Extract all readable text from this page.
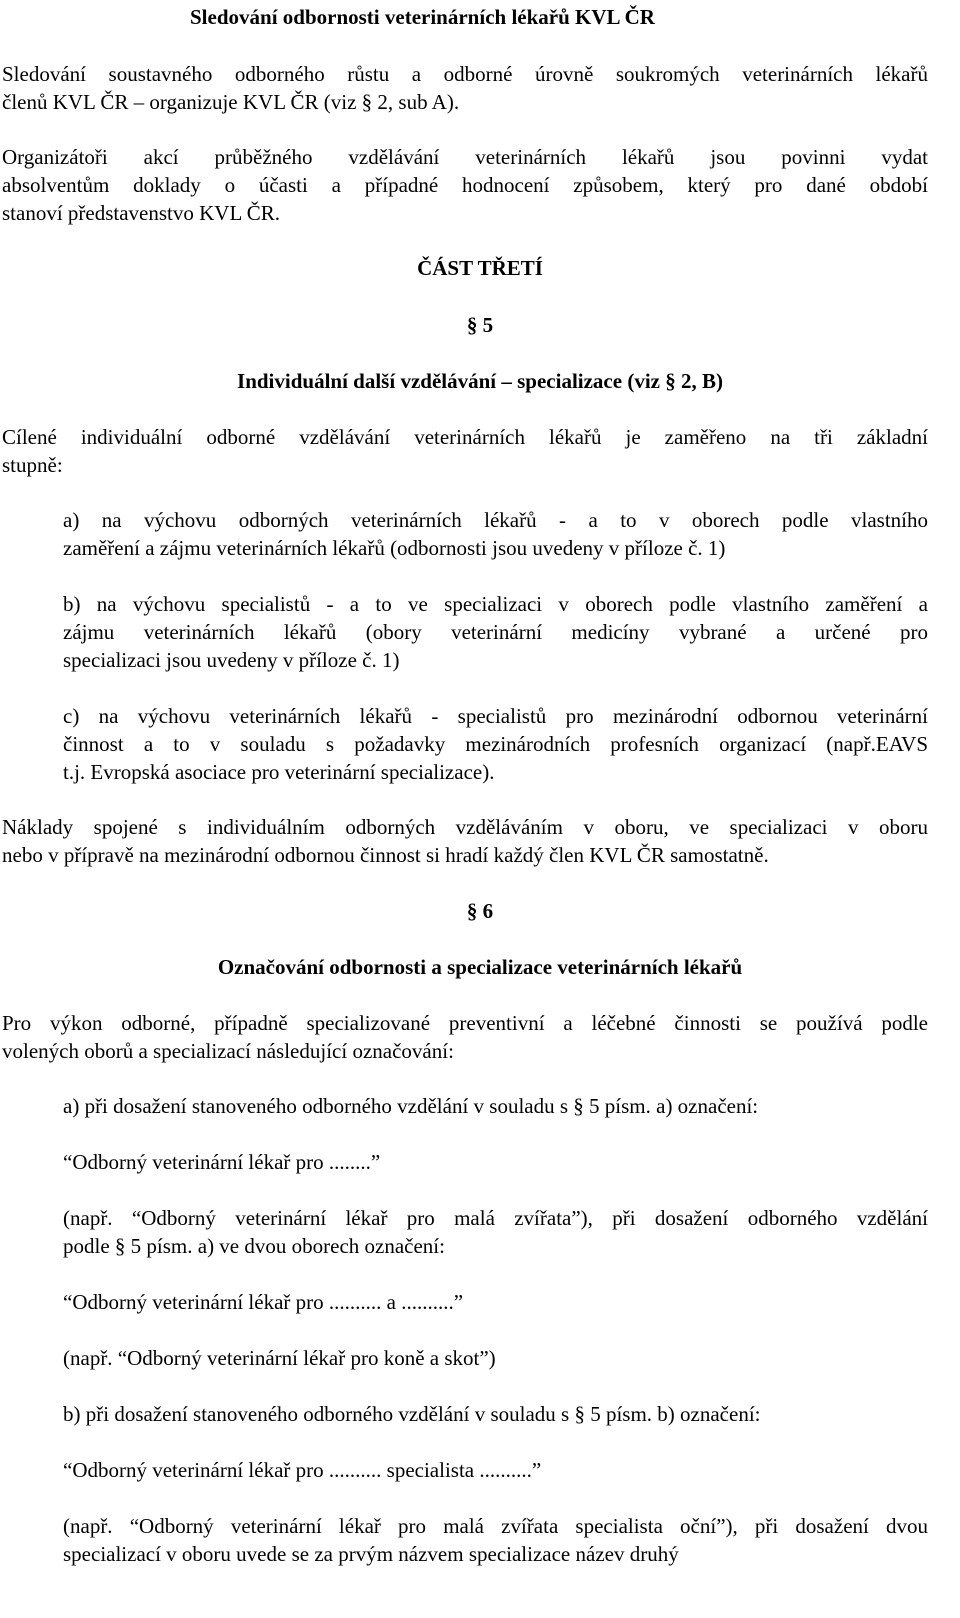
Sledování odbornosti veterinárních lékařů KVL ČR
Sledování soustavného odborného růstu a odborné úrovně soukromých veterinárních lékařů
členů KVL ČR – organizuje KVL ČR (viz § 2, sub A).
Organizátoři akcí průběžného vzdělávání veterinárních lékařů jsou povinni vydat
absolventům doklady o účasti a případné hodnocení způsobem, který pro dané období
stanoví představenstvo KVL ČR.
ČÁST TŘETÍ
§ 5
Individuální další vzdělávání – specializace (viz § 2, B)
Cílené individuální odborné vzdělávání veterinárních lékařů je zaměřeno na tři základní
stupně:
a) na výchovu odborných veterinárních lékařů - a to v oborech podle vlastního
zaměření a zájmu veterinárních lékařů (odbornosti jsou uvedeny v příloze č. 1)
b) na výchovu specialistů - a to ve specializaci v oborech podle vlastního zaměření a
zájmu veterinárních lékařů (obory veterinární medicíny vybrané a určené pro
specializaci jsou uvedeny v příloze č. 1)
c) na výchovu veterinárních lékařů - specialistů pro mezinárodní odbornou veterinární
činnost a to v souladu s požadavky mezinárodních profesních organizací (např.EAVS
t.j. Evropská asociace pro veterinární specializace).
Náklady spojené s individuálním odborných vzděláváním v oboru, ve specializaci v oboru
nebo v přípravě na mezinárodní odbornou činnost si hradí každý člen KVL ČR samostatně.
§ 6
Označování odbornosti a specializace veterinárních lékařů
Pro výkon odborné, případně specializované preventivní a léčebné činnosti se používá podle
volených oborů a specializací následující označování:
a) při dosažení stanoveného odborného vzdělání v souladu s § 5 písm. a) označení:
“Odborný veterinární lékař pro ........”
(např. “Odborný veterinární lékař pro malá zvířata”), při dosažení odborného vzdělání
podle § 5 písm. a) ve dvou oborech označení:
“Odborný veterinární lékař pro .......... a ..........”
(např. “Odborný veterinární lékař pro koně a skot”)
b) při dosažení stanoveného odborného vzdělání v souladu s § 5 písm. b) označení:
“Odborný veterinární lékař pro .......... specialista ..........”
(např. “Odborný veterinární lékař pro malá zvířata specialista oční”), při dosažení dvou
specializací v oboru uvede se za prvým názvem specializace název druhý
